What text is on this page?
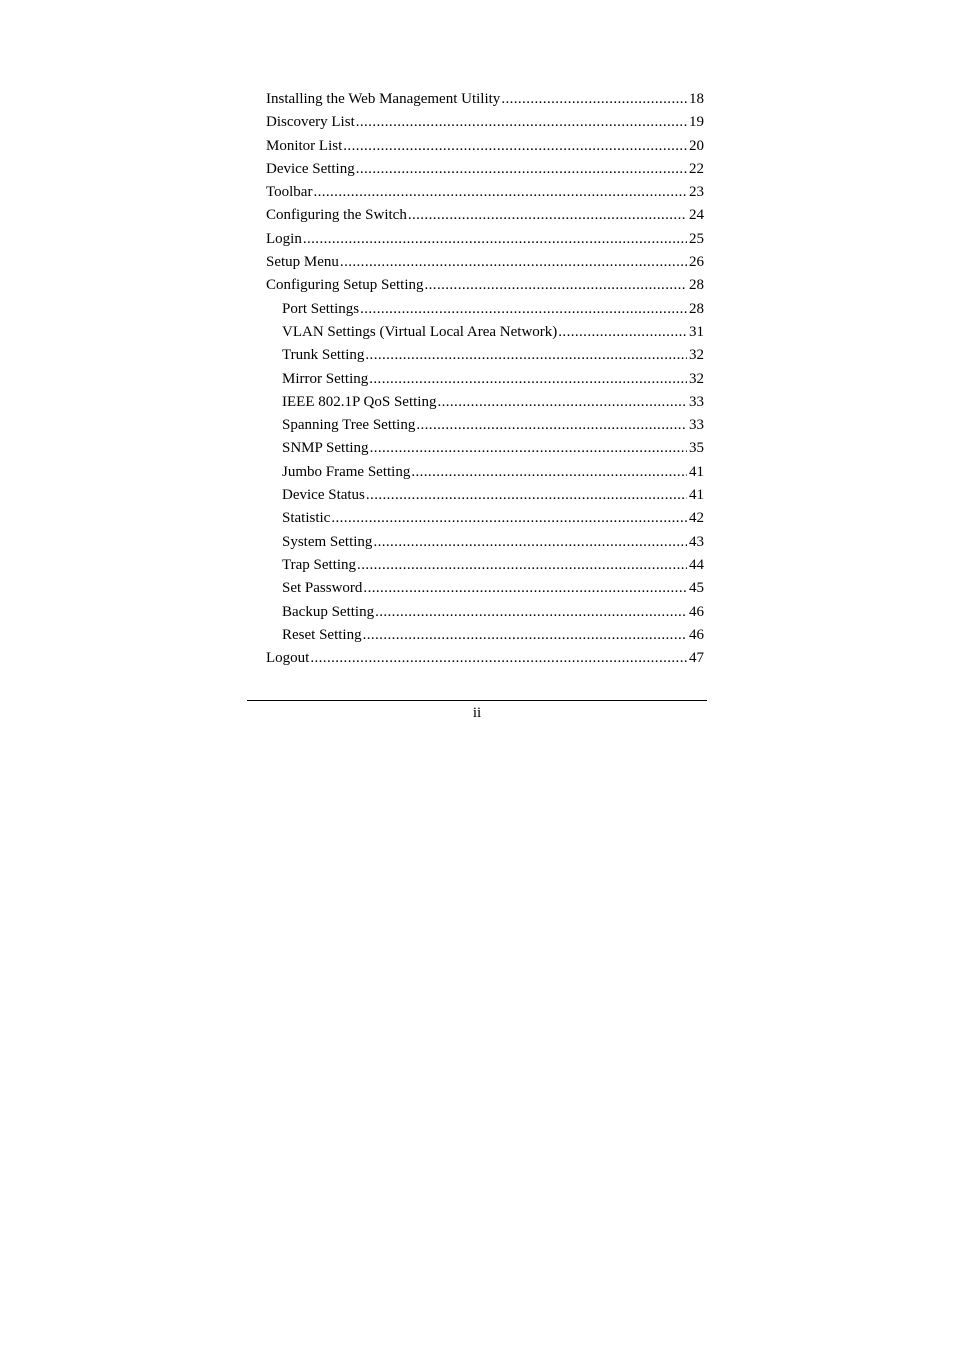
Installing the Web Management Utility .....	18
Discovery List .....	19
Monitor List .....	20
Device Setting .....	22
Toolbar .....	23
Configuring the Switch .....	24
Login .....	25
Setup Menu .....	26
Configuring Setup Setting .....	28
Port Settings .....	28
VLAN Settings (Virtual Local Area Network) .....	31
Trunk Setting .....	32
Mirror Setting .....	32
IEEE 802.1P QoS Setting .....	33
Spanning Tree Setting .....	33
SNMP Setting .....	35
Jumbo Frame Setting .....	41
Device Status .....	41
Statistic .....	42
System Setting .....	43
Trap Setting .....	44
Set Password .....	45
Backup Setting .....	46
Reset Setting .....	46
Logout .....	47
ii
